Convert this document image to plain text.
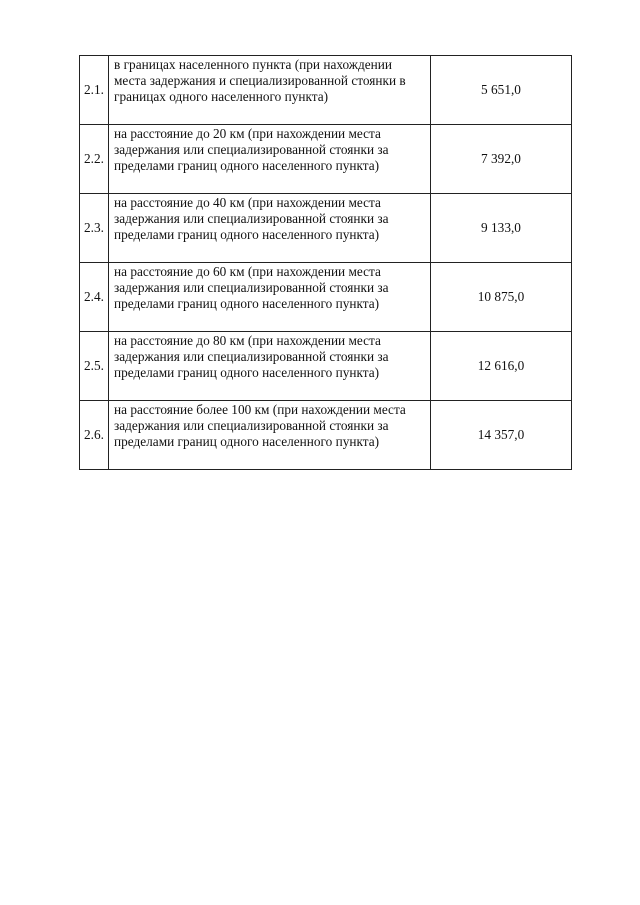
2.1.	в границах населенного пункта (при нахождении места задержания и специализированной стоянки в границах одного населенного пункта)	5 651,0
2.2.	на расстояние до 20 км (при нахождении места задержания или специализированной стоянки за пределами границ одного населенного пункта)	7 392,0
2.3.	на расстояние до 40 км (при нахождении места задержания или специализированной стоянки за пределами границ одного населенного пункта)	9 133,0
2.4.	на расстояние до 60 км (при нахождении места задержания или специализированной стоянки за пределами границ одного населенного пункта)	10 875,0
2.5.	на расстояние до 80 км (при нахождении места задержания или специализированной стоянки за пределами границ одного населенного пункта)	12 616,0
2.6.	на расстояние более 100 км (при нахождении места задержания или специализированной стоянки за пределами границ одного населенного пункта)	14 357,0
